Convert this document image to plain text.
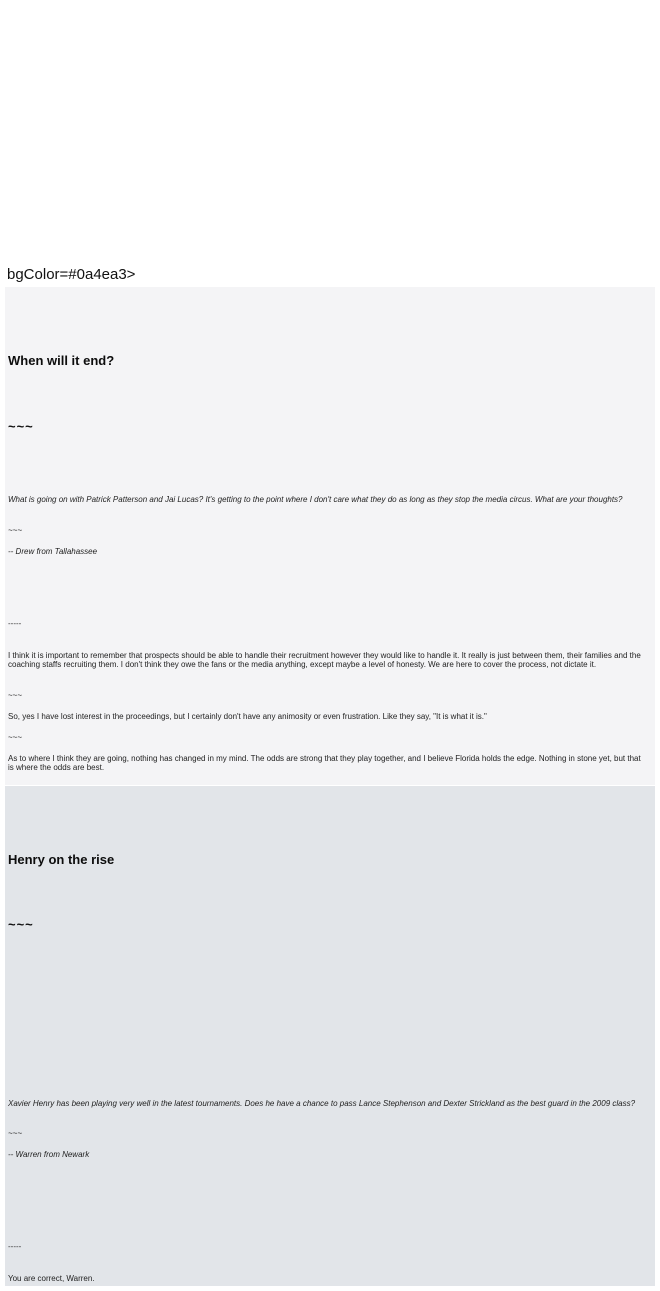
bgColor=#0a4ea3>

When will it end?
~~~

What is going on with Patrick Patterson and Jai Lucas? It's getting to the point where I don't care what they do as long as they stop the media circus. What are your thoughts?

~~~

-- Drew from Tallahassee

-----

I think it is important to remember that prospects should be able to handle their recruitment however they would like to handle it. It really is just between them, their families and the coaching staffs recruiting them. I don't think they owe the fans or the media anything, except maybe a level of honesty. We are here to cover the process, not dictate it.

~~~

So, yes I have lost interest in the proceedings, but I certainly don't have any animosity or even frustration. Like they say, "It is what it is."

~~~

As to where I think they are going, nothing has changed in my mind. The odds are strong that they play together, and I believe Florida holds the edge. Nothing in stone yet, but that is where the odds are best.

Henry on the rise
~~~

Xavier Henry has been playing very well in the latest tournaments. Does he have a chance to pass Lance Stephenson and Dexter Strickland as the best guard in the 2009 class?

~~~

-- Warren from Newark

-----

You are correct, Warren.
